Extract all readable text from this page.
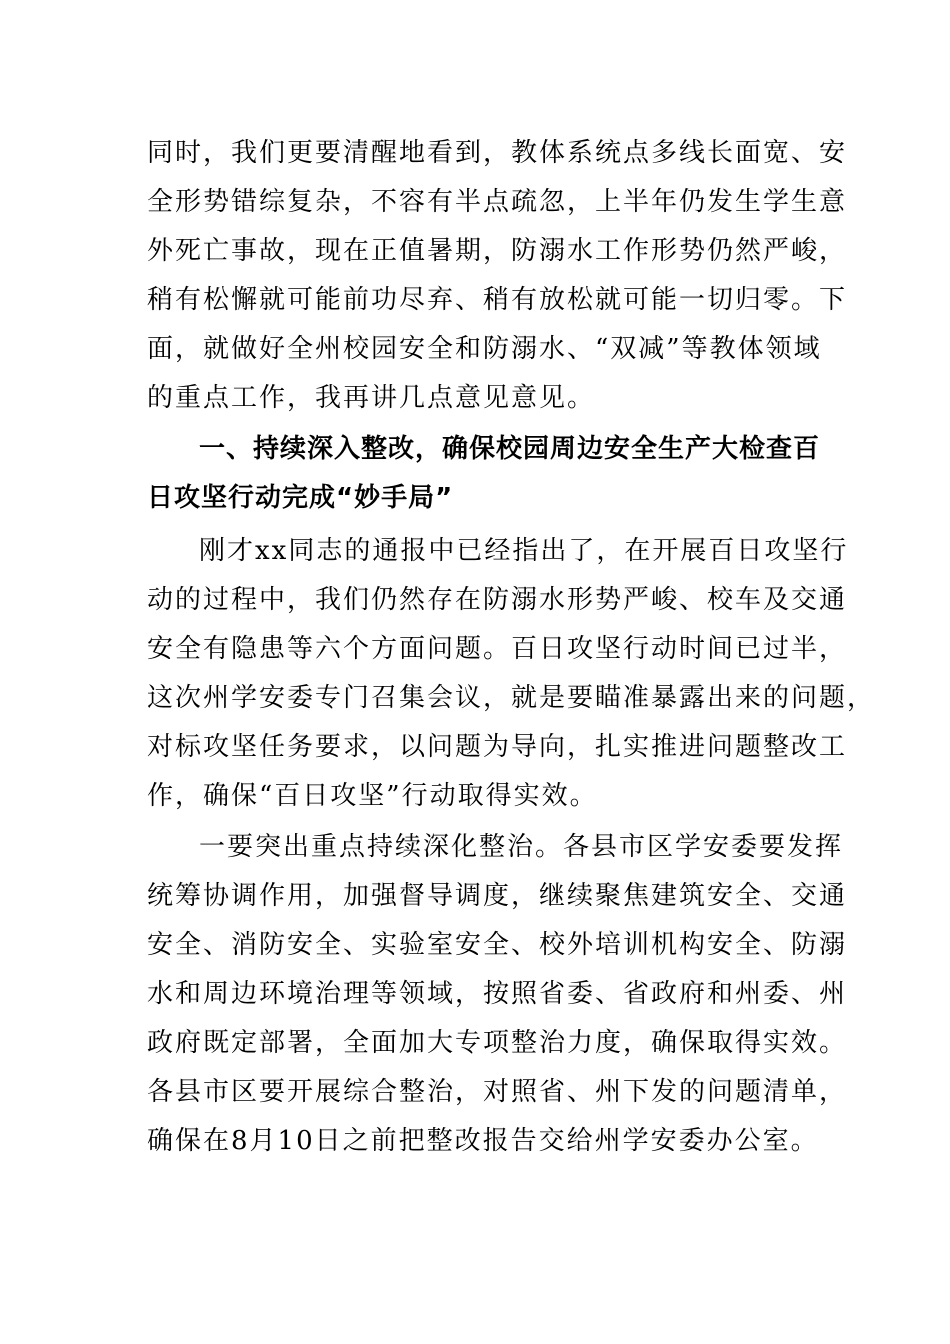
同时，我们更要清醒地看到，教体系统点多线长面宽、安
全形势错综复杂，不容有半点疏忽，上半年仍发生学生意
外死亡事故，现在正值暑期，防溺水工作形势仍然严峻，
稍有松懈就可能前功尽弃、稍有放松就可能一切归零。下
面，就做好全州校园安全和防溺水、“双减”等教体领域
的重点工作，我再讲几点意见意见。
一、持续深入整改，确保校园周边安全生产大检查百
日攻坚行动完成“妙手局”
刚才xx同志的通报中已经指出了，在开展百日攻坚行
动的过程中，我们仍然存在防溺水形势严峻、校车及交通
安全有隐患等六个方面问题。百日攻坚行动时间已过半，
这次州学安委专门召集会议，就是要瞄准暴露出来的问题，
对标攻坚任务要求，以问题为导向，扎实推进问题整改工
作，确保“百日攻坚”行动取得实效。
一要突出重点持续深化整治。各县市区学安委要发挥
统筹协调作用，加强督导调度，继续聚焦建筑安全、交通
安全、消防安全、实验室安全、校外培训机构安全、防溺
水和周边环境治理等领域，按照省委、省政府和州委、州
政府既定部署，全面加大专项整治力度，确保取得实效。
各县市区要开展综合整治，对照省、州下发的问题清单，
确保在8月10日之前把整改报告交给州学安委办公室。
